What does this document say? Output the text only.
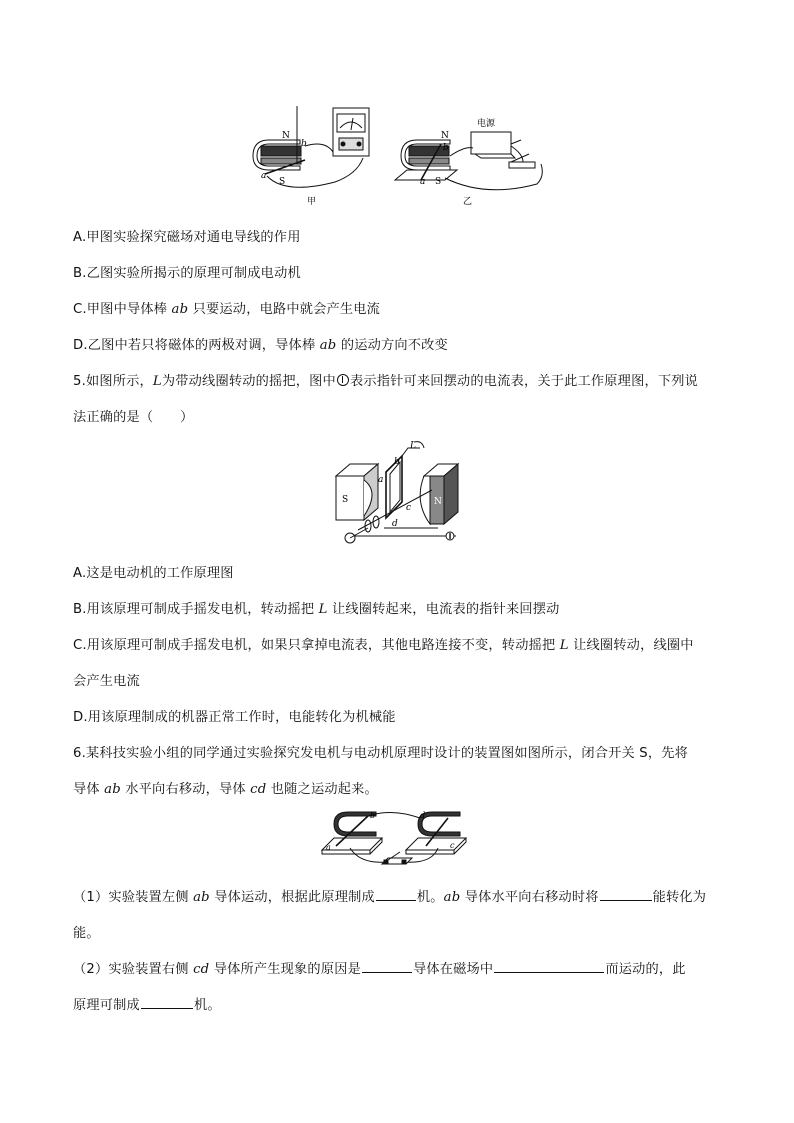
N
S
a
b
甲
N
S
a
b
电源
乙
A.甲图实验探究磁场对通电导线的作用
B.乙图实验所揭示的原理可制成电动机
C.甲图中导体棒 ab 只要运动，电路中就会产生电流
D.乙图中若只将磁体的两极对调，导体棒 ab 的运动方向不改变
5.如图所示，L为带动线圈转动的摇把，图中 表示指针可来回摆动的电流表，关于此工作原理图，下列说
法正确的是（　　）
S	N
L
a
b
c
d
A.这是电动机的工作原理图
B.用该原理可制成手摇发电机，转动摇把 L 让线圈转起来，电流表的指针来回摆动
C.用该原理可制成手摇发电机，如果只拿掉电流表，其他电路连接不变，转动摇把 L 让线圈转动，线圈中
会产生电流
D.用该原理制成的机器正常工作时，电能转化为机械能
6.某科技实验小组的同学通过实验探究发电机与电动机原理时设计的装置图如图所示，闭合开关 S，先将
导体 ab 水平向右移动，导体 cd 也随之运动起来。
a
b
c
d
（1）实验装置左侧 ab 导体运动，根据此原理制成	机。ab 导体水平向右移动时将	能转化为
能。
（2）实验装置右侧 cd 导体所产生现象的原因是	导体在磁场中	而运动的，此
原理可制成	机。
